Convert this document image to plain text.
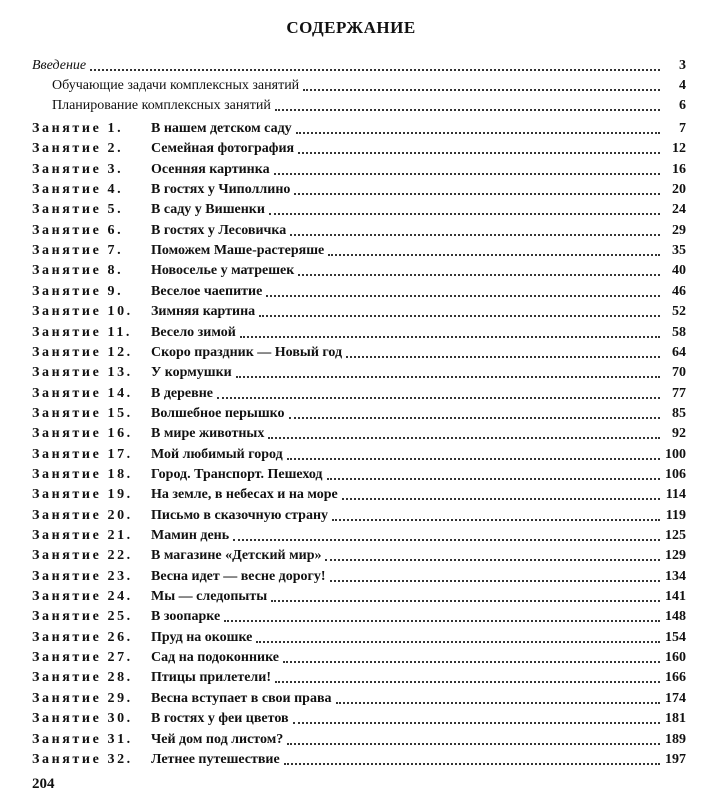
СОДЕРЖАНИЕ
Введение	3
Обучающие задачи комплексных занятий	4
Планирование комплексных занятий	6
Занятие 1.	В нашем детском саду	7
Занятие 2.	Семейная фотография	12
Занятие 3.	Осенняя картинка	16
Занятие 4.	В гостях у Чиполлино	20
Занятие 5.	В саду у Вишенки	24
Занятие 6.	В гостях у Лесовичка	29
Занятие 7.	Поможем Маше-растеряше	35
Занятие 8.	Новоселье у матрешек	40
Занятие 9.	Веселое чаепитие	46
Занятие 10.	Зимняя картина	52
Занятие 11.	Весело зимой	58
Занятие 12.	Скоро праздник — Новый год	64
Занятие 13.	У кормушки	70
Занятие 14.	В деревне	77
Занятие 15.	Волшебное перышко	85
Занятие 16.	В мире животных	92
Занятие 17.	Мой любимый город	100
Занятие 18.	Город. Транспорт. Пешеход	106
Занятие 19.	На земле, в небесах и на море	114
Занятие 20.	Письмо в сказочную страну	119
Занятие 21.	Мамин день	125
Занятие 22.	В магазине «Детский мир»	129
Занятие 23.	Весна идет — весне дорогу!	134
Занятие 24.	Мы — следопыты	141
Занятие 25.	В зоопарке	148
Занятие 26.	Пруд на окошке	154
Занятие 27.	Сад на подоконнике	160
Занятие 28.	Птицы прилетели!	166
Занятие 29.	Весна вступает в свои права	174
Занятие 30.	В гостях у феи цветов	181
Занятие 31.	Чей дом под листом?	189
Занятие 32.	Летнее путешествие	197
204
